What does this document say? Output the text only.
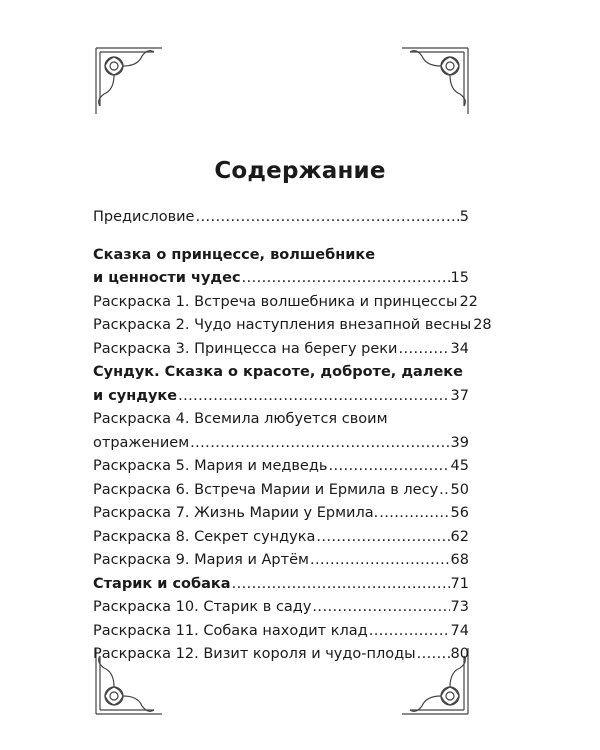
Содержание
Предисловие .....	5
Сказка о принцессе, волшебнике
и ценности чудес .....	15
Раскраска 1. Встреча волшебника и принцессы 22
Раскраска 2. Чудо наступления внезапной весны 28
Раскраска 3. Принцесса на берегу реки .....	34
Сундук. Сказка о красоте, доброте, далеке
и сундуке .....	37
Раскраска 4. Всемила любуется своим
отражением .....	39
Раскраска 5. Мария и медведь .....	45
Раскраска 6. Встреча Марии и Ермила в лесу ..... 50
Раскраска 7. Жизнь Марии у Ермила. .....	56
Раскраска 8. Секрет сундука .....	62
Раскраска 9. Мария и Артём .....	68
Старик и собака .....	71
Раскраска 10. Старик в саду .....	73
Раскраска 11. Собака находит клад .....	74
Раскраска 12. Визит короля и чудо-плоды ..... 80
